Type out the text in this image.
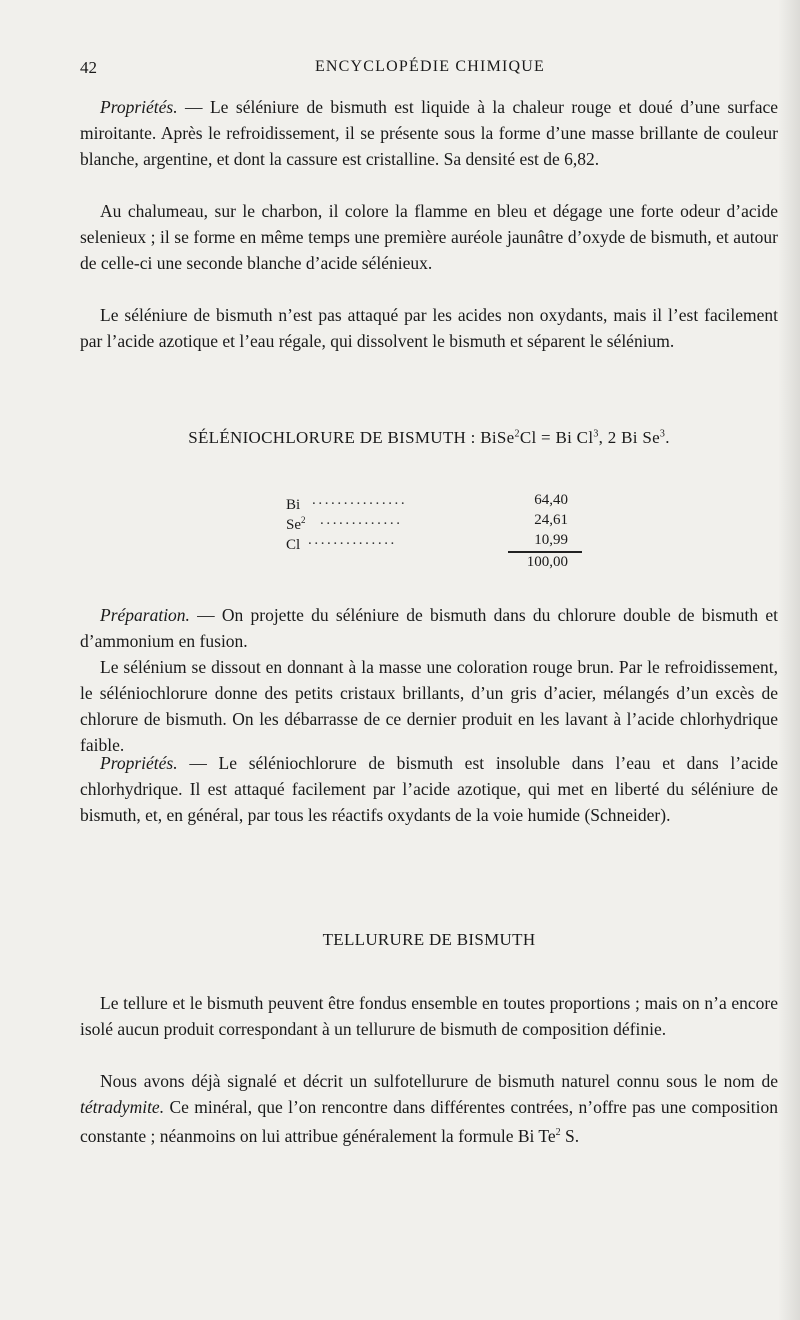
42	ENCYCLOPÉDIE CHIMIQUE

Propriétés. — Le séléniure de bismuth est liquide à la chaleur rouge et doué d’une surface miroitante. Après le refroidissement, il se présente sous la forme d’une masse brillante de couleur blanche, argentine, et dont la cassure est cristalline. Sa densité est de 6,82.

Au chalumeau, sur le charbon, il colore la flamme en bleu et dégage une forte odeur d’acide selenieux ; il se forme en même temps une première auréole jaunâtre d’oxyde de bismuth, et autour de celle-ci une seconde blanche d’acide sélénieux.

Le séléniure de bismuth n’est pas attaqué par les acides non oxydants, mais il l’est facilement par l’acide azotique et l’eau régale, qui dissolvent le bismuth et séparent le sélénium.

SÉLÉNIOCHLORURE DE BISMUTH : BiSe$^2$Cl = Bi Cl$^3$, 2 Bi Se$^3$.
Bi ...............	64,40
Se$^2$ .............	24,61
Cl ..............	10,99
100,00

Préparation. — On projette du séléniure de bismuth dans du chlorure double de bismuth et d’ammonium en fusion.

Le sélénium se dissout en donnant à la masse une coloration rouge brun. Par le refroidissement, le séléniochlorure donne des petits cristaux brillants, d’un gris d’acier, mélangés d’un excès de chlorure de bismuth. On les débarrasse de ce dernier produit en les lavant à l’acide chlorhydrique faible.

Propriétés. — Le séléniochlorure de bismuth est insoluble dans l’eau et dans l’acide chlorhydrique. Il est attaqué facilement par l’acide azotique, qui met en liberté du séléniure de bismuth, et, en général, par tous les réactifs oxydants de la voie humide (Schneider).

TELLURURE DE BISMUTH

Le tellure et le bismuth peuvent être fondus ensemble en toutes proportions ; mais on n’a encore isolé aucun produit correspondant à un tellurure de bismuth de composition définie.

Nous avons déjà signalé et décrit un sulfotellurure de bismuth naturel connu sous le nom de tétradymite. Ce minéral, que l’on rencontre dans différentes contrées, n’offre pas une composition constante ; néanmoins on lui attribue généralement la formule Bi Te$^2$ S.
